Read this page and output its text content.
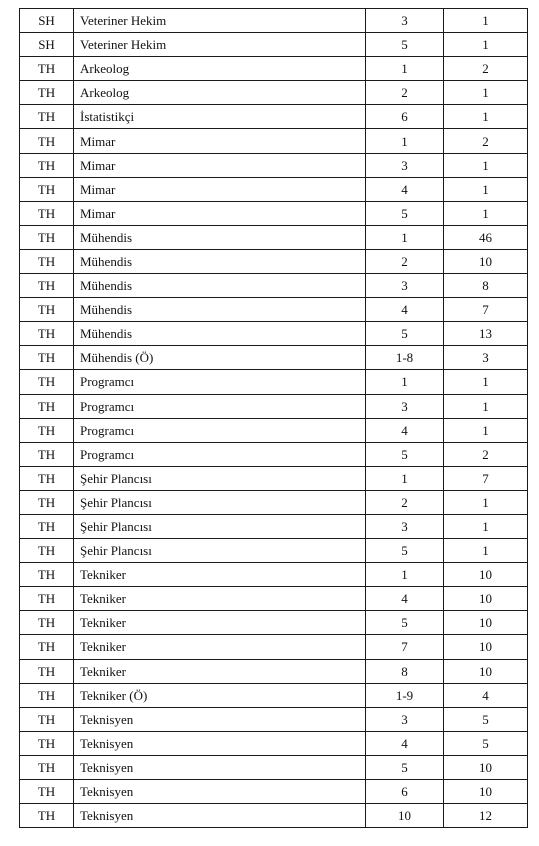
SH	Veteriner Hekim	3	1
SH	Veteriner Hekim	5	1
TH	Arkeolog	1	2
TH	Arkeolog	2	1
TH	İstatistikçi	6	1
TH	Mimar	1	2
TH	Mimar	3	1
TH	Mimar	4	1
TH	Mimar	5	1
TH	Mühendis	1	46
TH	Mühendis	2	10
TH	Mühendis	3	8
TH	Mühendis	4	7
TH	Mühendis	5	13
TH	Mühendis (Ö)	1-8	3
TH	Programcı	1	1
TH	Programcı	3	1
TH	Programcı	4	1
TH	Programcı	5	2
TH	Şehir Plancısı	1	7
TH	Şehir Plancısı	2	1
TH	Şehir Plancısı	3	1
TH	Şehir Plancısı	5	1
TH	Tekniker	1	10
TH	Tekniker	4	10
TH	Tekniker	5	10
TH	Tekniker	7	10
TH	Tekniker	8	10
TH	Tekniker (Ö)	1-9	4
TH	Teknisyen	3	5
TH	Teknisyen	4	5
TH	Teknisyen	5	10
TH	Teknisyen	6	10
TH	Teknisyen	10	12
